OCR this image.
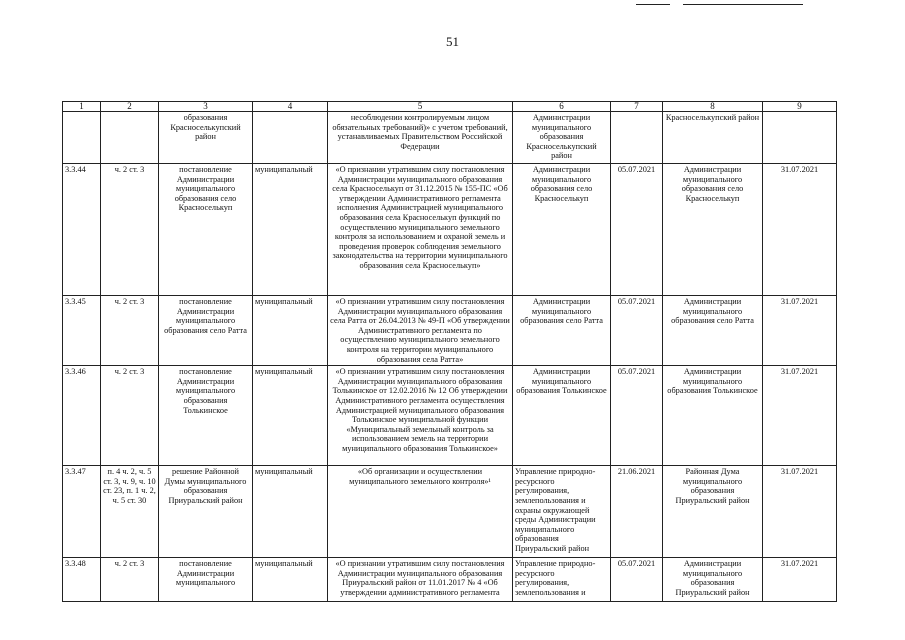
51
1	2	3	4	5	6	7	8	9
		образования Красноселькупский район		несоблюдении контролируемым лицом обязательных требований)» с учетом требований, устанавливаемых Правительством Российской Федерации	Администрации муниципального образования Красноселькупский район		Красноселькупский район	
3.3.44	ч. 2 ст. 3	постановление Администрации муниципального образования село Красноселькуп	муниципальный	«О признании утратившим силу постановления Администрации муниципального образования села Красноселькуп от 31.12.2015 № 155-ПС «Об утверждении Административного регламента исполнения Администрацией муниципального образования села Красноселькуп функций по осуществлению муниципального земельного контроля за использованием и охраной земель и проведения проверок соблюдения земельного законодательства на территории муниципального образования села Красноселькуп»	Администрации муниципального образования село Красноселькуп	05.07.2021	Администрации муниципального образования село Красноселькуп	31.07.2021
3.3.45	ч. 2 ст. 3	постановление Администрации муниципального образования село Ратта	муниципальный	«О признании утратившим силу постановления Администрации муниципального образования села Ратта от 26.04.2013 № 49-П «Об утверждении Административного регламента по осуществлению муниципального земельного контроля на территории муниципального образования села Ратта»	Администрации муниципального образования село Ратта	05.07.2021	Администрации муниципального образования село Ратта	31.07.2021
3.3.46	ч. 2 ст. 3	постановление Администрации муниципального образования Толькинское	муниципальный	«О признании утратившим силу постановления Администрации муниципального образования Толькинское от 12.02.2016 № 12 Об утверждении Административного регламента осуществления Администрацией муниципального образования Толькинское муниципальной функции «Муниципальный земельный контроль за использованием земель на территории муниципального образования Толькинское»	Администрации муниципального образования Толькинское	05.07.2021	Администрации муниципального образования Толькинское	31.07.2021
3.3.47	п. 4 ч. 2, ч. 5 ст. 3, ч. 9, ч. 10 ст. 23, п. 1 ч. 2, ч. 5 ст. 30	решение Районной Думы муниципального образования Приуральский район	муниципальный	«Об организации и осуществлении муниципального земельного контроля»¹	Управление природно-ресурсного регулирования, землепользования и охраны окружающей среды Администрации муниципального образования Приуральский район	21.06.2021	Районная Дума муниципального образования Приуральский район	31.07.2021
3.3.48	ч. 2 ст. 3	постановление Администрации муниципального	муниципальный	«О признании утратившим силу постановления Администрации муниципального образования Приуральский район от 11.01.2017 № 4 «Об утверждении административного регламента	Управление природно-ресурсного регулирования, землепользования и	05.07.2021	Администрации муниципального образования Приуральский район	31.07.2021
